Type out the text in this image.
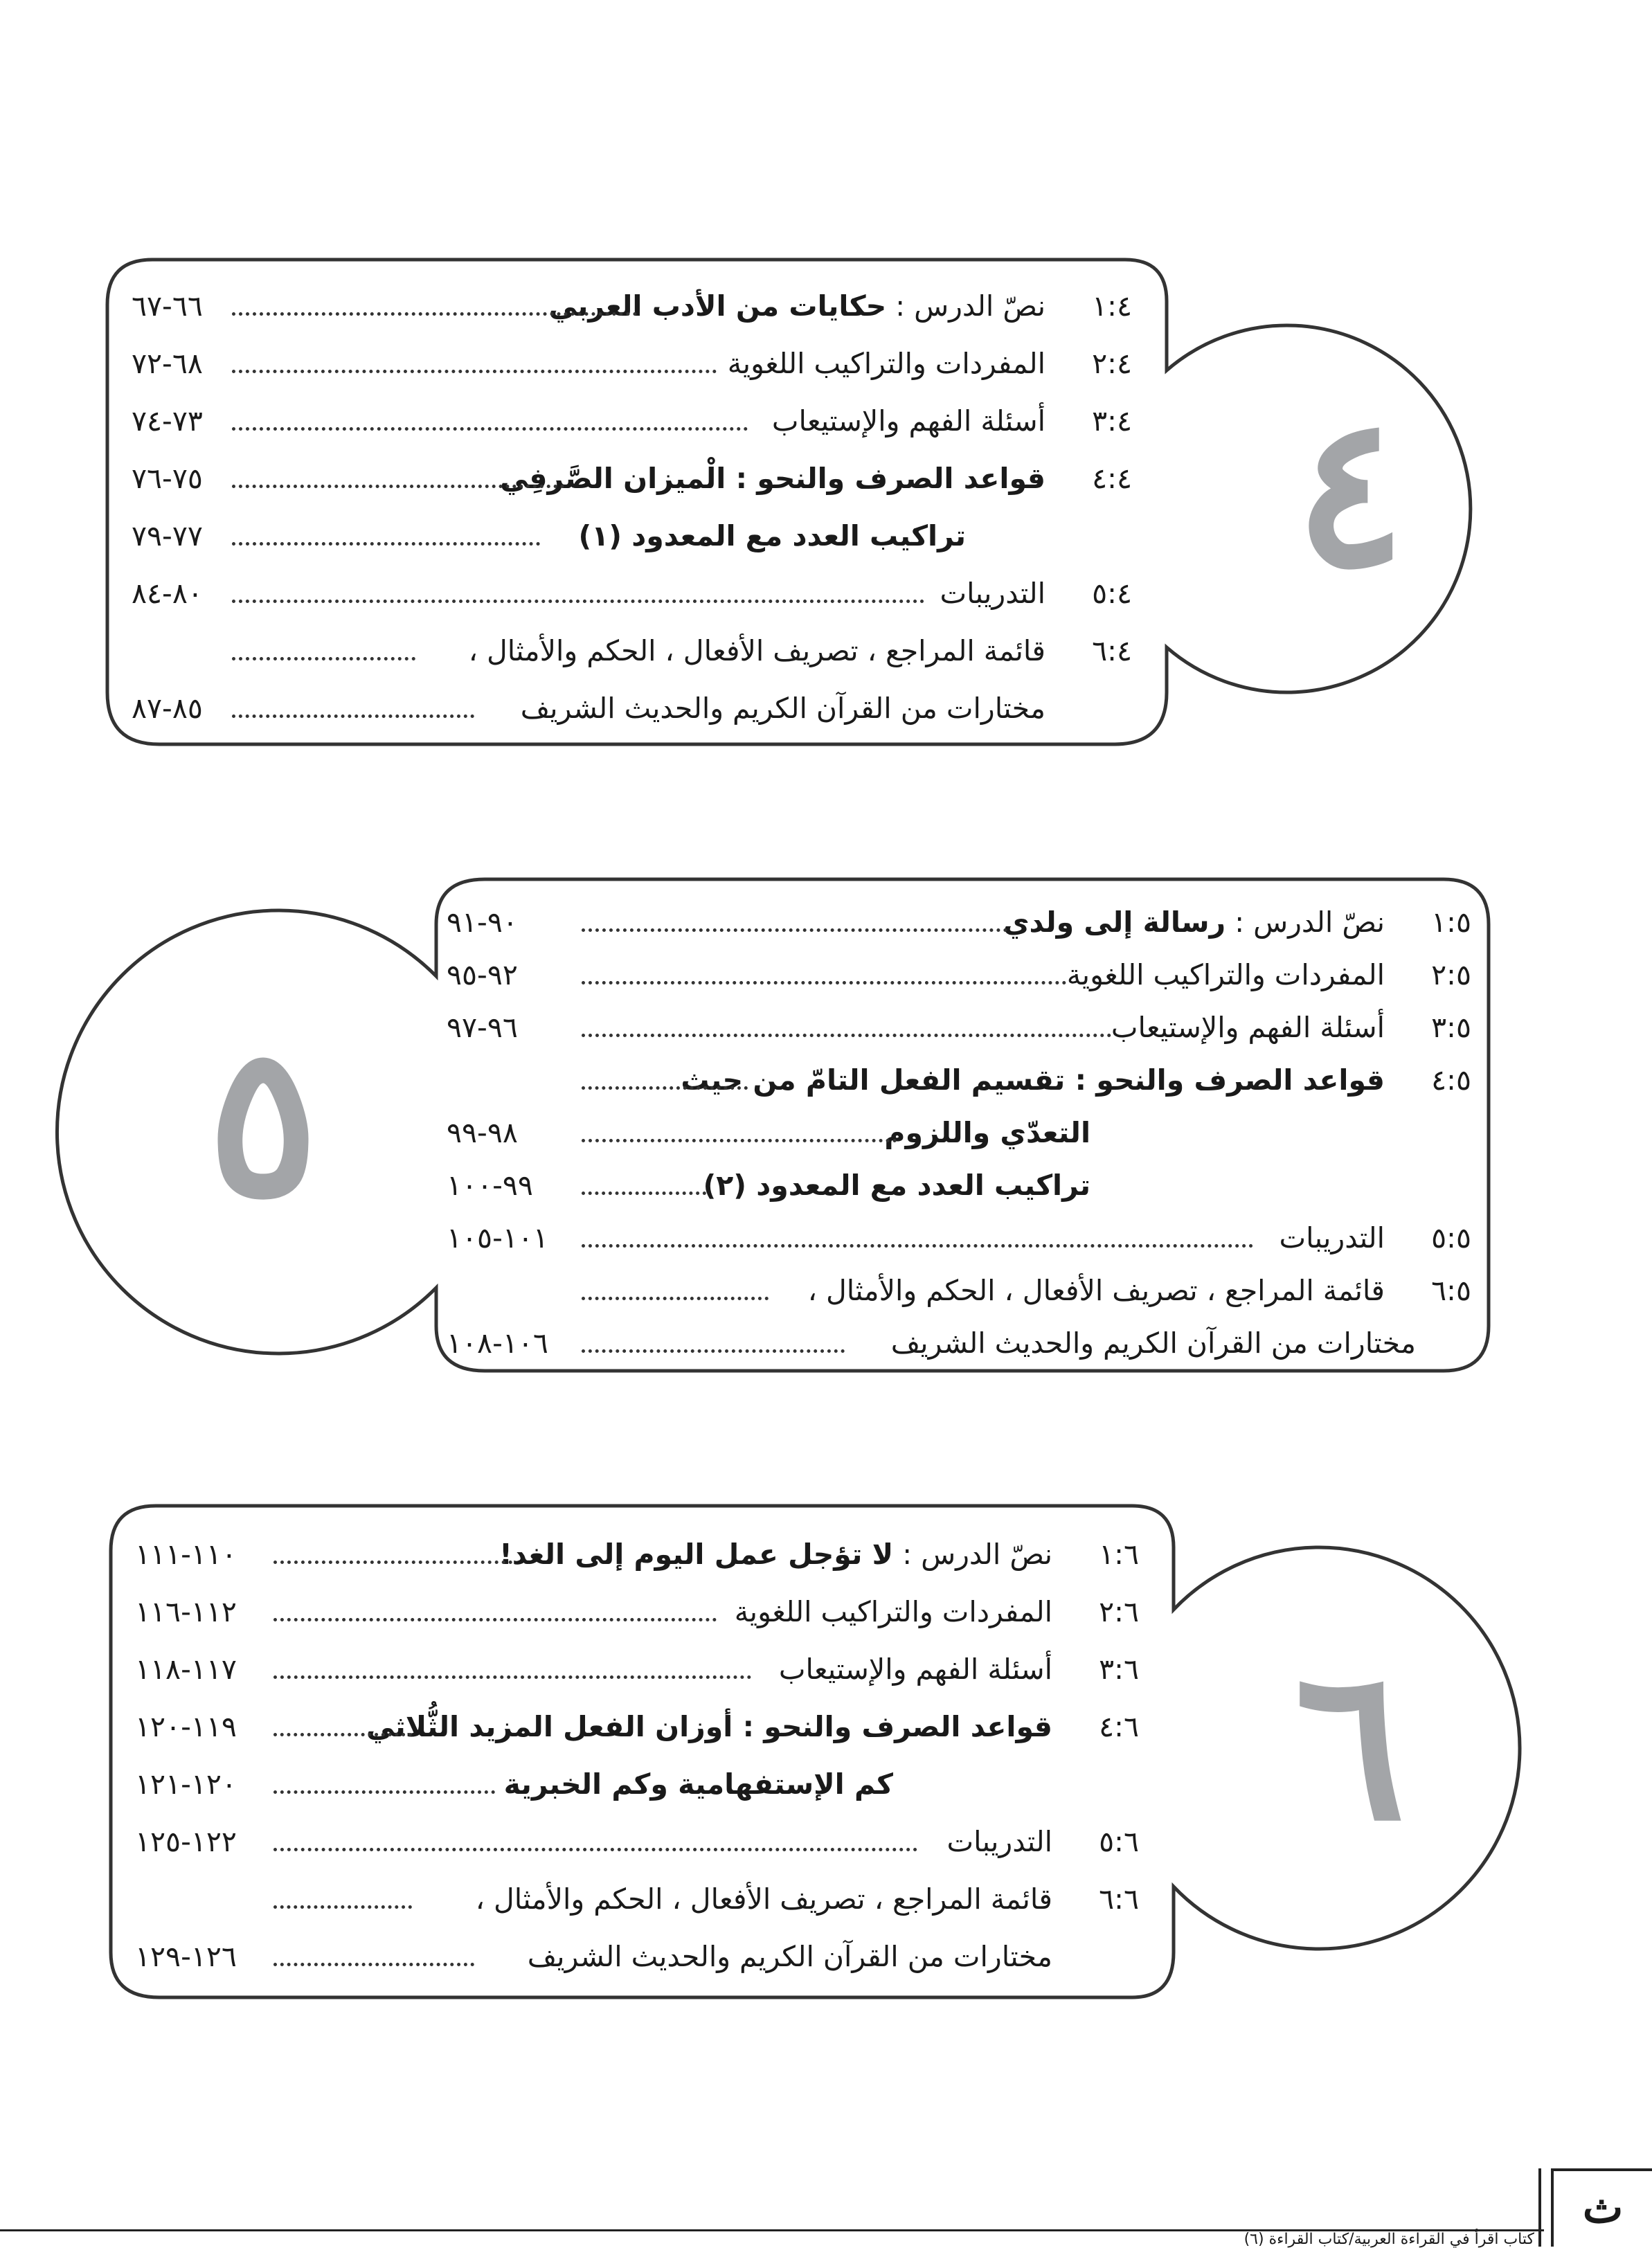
٤
٥
٦
١:٤
نصّ الدرس : حكايات من الأدب العربي
٦٦-٦٧
٢:٤
المفردات والتراكيب اللغوية
٦٨-٧٢
٣:٤
أسئلة الفهم والإستيعاب
٧٣-٧٤
٤:٤
قواعد الصرف والنحو : الْميزان الصَّرفِي
٧٥-٧٦
تراكيب العدد مع المعدود (١)
٧٧-٧٩
٥:٤
التدريبات
٨٠-٨٤
٦:٤
قائمة المراجع ، تصريف الأفعال ، الحكم والأمثال ،
مختارات من القرآن الكريم والحديث الشريف
٨٥-٨٧
١:٥
نصّ الدرس : رسالة إلى ولدي
٩٠-٩١
٢:٥
المفردات والتراكيب اللغوية
٩٢-٩٥
٣:٥
أسئلة الفهم والإستيعاب
٩٦-٩٧
٤:٥
قواعد الصرف والنحو : تقسيم الفعل التامّ من حيث
التعدّي واللزوم
٩٨-٩٩
تراكيب العدد مع المعدود (٢)
٩٩-١٠٠
٥:٥
التدريبات
١٠١-١٠٥
٦:٥
قائمة المراجع ، تصريف الأفعال ، الحكم والأمثال ،
مختارات من القرآن الكريم والحديث الشريف
١٠٦-١٠٨
١:٦
نصّ الدرس : لا تؤجل عمل اليوم إلى الغد!
١١٠-١١١
٢:٦
المفردات والتراكيب اللغوية
١١٢-١١٦
٣:٦
أسئلة الفهم والإستيعاب
١١٧-١١٨
٤:٦
قواعد الصرف والنحو : أوزان الفعل المزيد الثُّلاثي
١١٩-١٢٠
كم الإستفهامية وكم الخبرية
١٢٠-١٢١
٥:٦
التدريبات
١٢٢-١٢٥
٦:٦
قائمة المراجع ، تصريف الأفعال ، الحكم والأمثال ،
مختارات من القرآن الكريم والحديث الشريف
١٢٦-١٢٩
ث
كتاب اقرأ في القراءة العربية/كتاب القراءة (٦)
